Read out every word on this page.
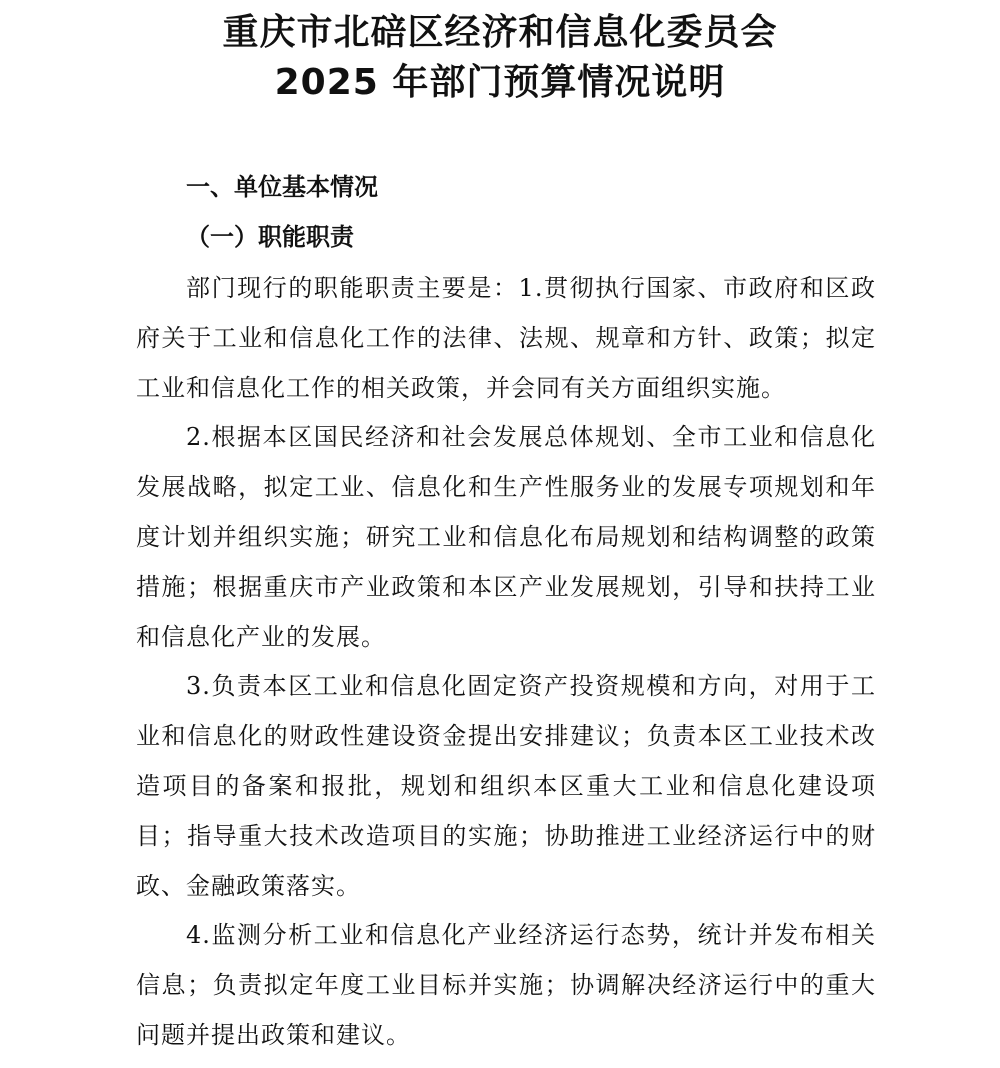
重庆市北碚区经济和信息化委员会
2025 年部门预算情况说明
一、单位基本情况
（一）职能职责

部门现行的职能职责主要是：1.贯彻执行国家、市政府和区政府关于工业和信息化工作的法律、法规、规章和方针、政策；拟定工业和信息化工作的相关政策，并会同有关方面组织实施。

2.根据本区国民经济和社会发展总体规划、全市工业和信息化发展战略，拟定工业、信息化和生产性服务业的发展专项规划和年度计划并组织实施；研究工业和信息化布局规划和结构调整的政策措施；根据重庆市产业政策和本区产业发展规划，引导和扶持工业和信息化产业的发展。

3.负责本区工业和信息化固定资产投资规模和方向，对用于工业和信息化的财政性建设资金提出安排建议；负责本区工业技术改造项目的备案和报批，规划和组织本区重大工业和信息化建设项目；指导重大技术改造项目的实施；协助推进工业经济运行中的财政、金融政策落实。

4.监测分析工业和信息化产业经济运行态势，统计并发布相关信息；负责拟定年度工业目标并实施；协调解决经济运行中的重大问题并提出政策和建议。
